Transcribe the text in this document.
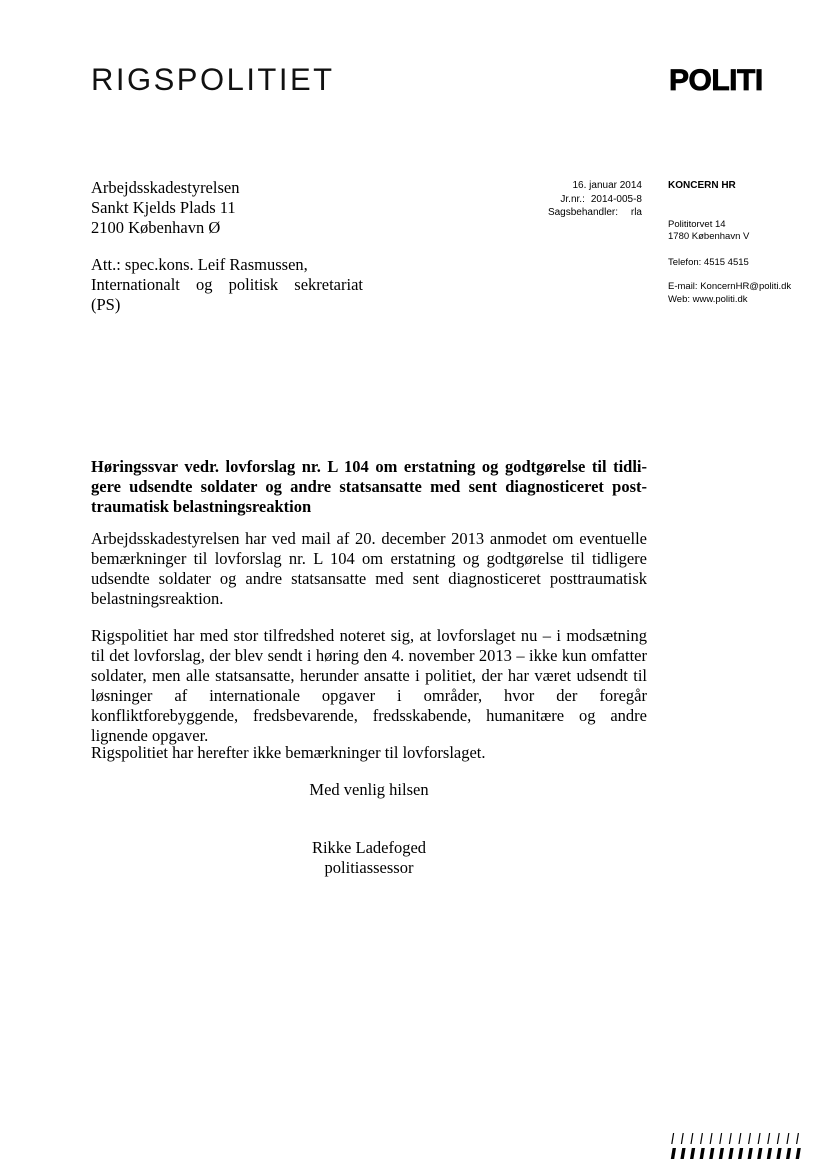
RIGSPOLITIET	POLITI
Arbejdsskadestyrelsen
Sankt Kjelds Plads 11
2100 København Ø
Att.: spec.kons. Leif Rasmussen,
Internationalt og politisk sekretariat
(PS)
16. januar 2014
Jr.nr.: 2014-005-8
Sagsbehandler:	rla
KONCERN HR
Polititorvet 14
1780 København V
Telefon: 4515 4515
E-mail: KoncernHR@politi.dk
Web: www.politi.dk
Høringssvar vedr. lovforslag nr. L 104 om erstatning og godtgørelse til tidli-gere udsendte soldater og andre statsansatte med sent diagnosticeret post-traumatisk belastningsreaktion
Arbejdsskadestyrelsen har ved mail af 20. december 2013 anmodet om eventuelle bemærkninger til lovforslag nr. L 104 om erstatning og godtgørelse til tidligere udsendte soldater og andre statsansatte med sent diagnosticeret posttraumatisk belastningsreaktion.
Rigspolitiet har med stor tilfredshed noteret sig, at lovforslaget nu – i modsætning til det lovforslag, der blev sendt i høring den 4. november 2013 – ikke kun omfatter soldater, men alle statsansatte, herunder ansatte i politiet, der har været udsendt til løsninger af internationale opgaver i områder, hvor der foregår konfliktforebyggende, fredsbevarende, fredsskabende, humanitære og andre lignende opgaver.
Rigspolitiet har herefter ikke bemærkninger til lovforslaget.
Med venlig hilsen
Rikke Ladefoged
politiassessor
